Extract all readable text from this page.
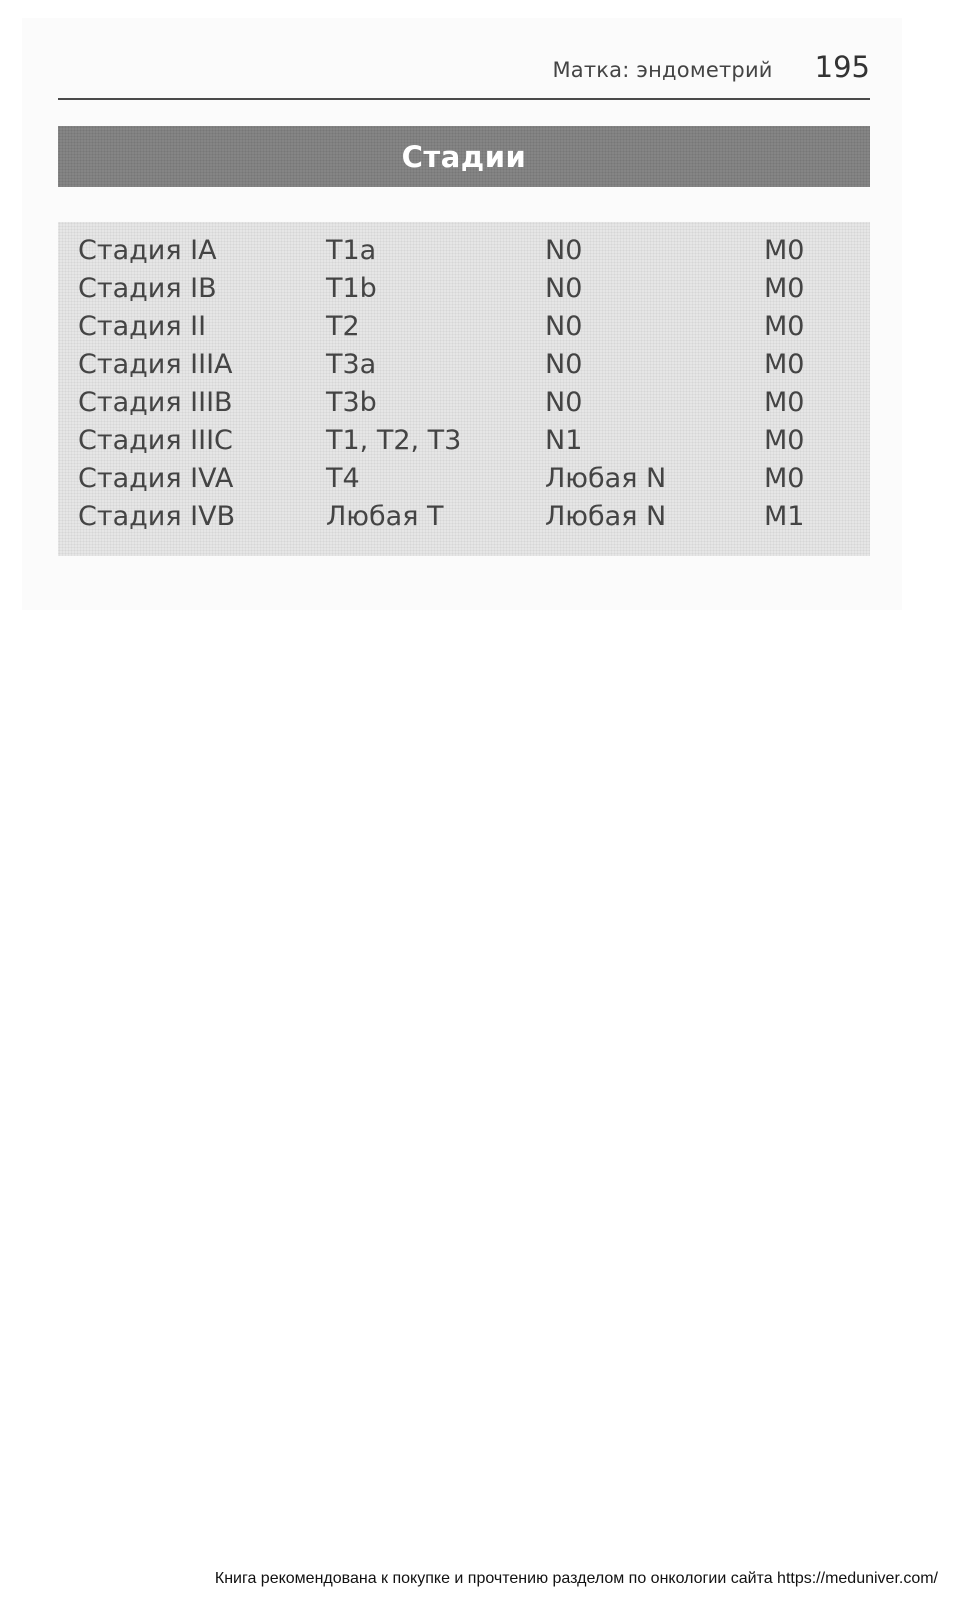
Матка: эндометрий 195
Стадии
Стадия IA	T1a	N0	M0
Стадия IB	T1b	N0	M0
Стадия II	T2	N0	M0
Стадия IIIA	T3a	N0	M0
Стадия IIIB	T3b	N0	M0
Стадия IIIC	T1, T2, T3	N1	M0
Стадия IVA	T4	Любая N	M0
Стадия IVB	Любая T	Любая N	M1
Книга рекомендована к покупке и прочтению разделом по онкологии сайта https://meduniver.com/
